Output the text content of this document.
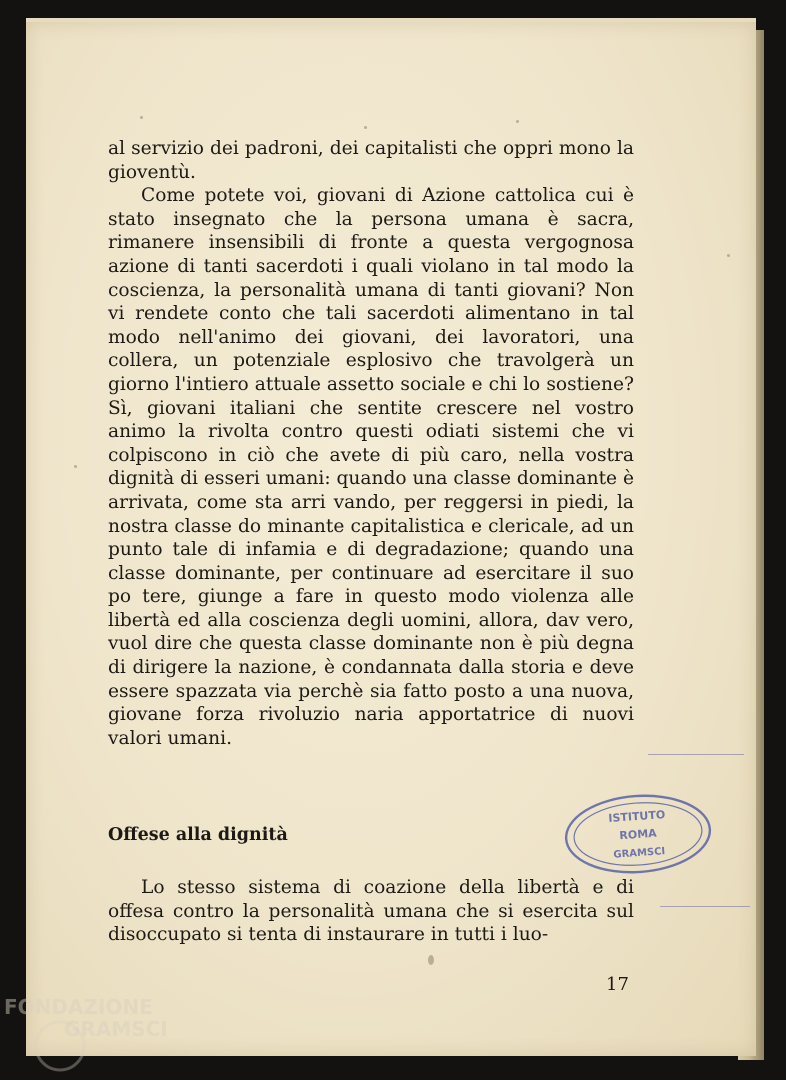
al servizio dei padroni, dei capitalisti che oppri mono la gioventù.

Come potete voi, giovani di Azione cattolica cui è stato insegnato che la persona umana è sacra, rimanere insensibili di fronte a questa vergognosa azione di tanti sacerdoti i quali violano in tal modo la coscienza, la personalità umana di tanti giovani? Non vi rendete conto che tali sacerdoti alimentano in tal modo nell'animo dei giovani, dei lavoratori, una collera, un potenziale esplosivo che travolgerà un giorno l'intiero attuale assetto sociale e chi lo sostiene? Sì, giovani italiani che sentite crescere nel vostro animo la rivolta contro questi odiati sistemi che vi colpiscono in ciò che avete di più caro, nella vostra dignità di esseri umani: quando una classe dominante è arrivata, come sta arri vando, per reggersi in piedi, la nostra classe do minante capitalistica e clericale, ad un punto tale di infamia e di degradazione; quando una classe dominante, per continuare ad esercitare il suo po tere, giunge a fare in questo modo violenza alle libertà ed alla coscienza degli uomini, allora, dav vero, vuol dire che questa classe dominante non è più degna di dirigere la nazione, è condannata dalla storia e deve essere spazzata via perchè sia fatto posto a una nuova, giovane forza rivoluzio naria apportatrice di nuovi valori umani.

Offese alla dignità

Lo stesso sistema di coazione della libertà e di offesa contro la personalità umana che si esercita sul disoccupato si tenta di instaurare in tutti i luo-

17
ISTITUTO
ROMA
GRAMSCI
FONDAZIONE
GRAMSCI
onlus
